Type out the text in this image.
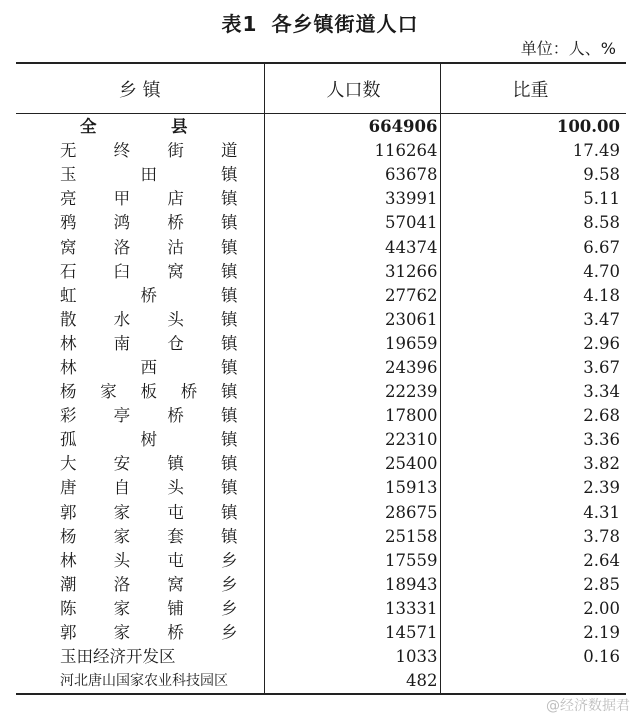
表1 各乡镇街道人口
单位：人、%
乡 镇	人口数	比重

全 县	664906	100.00

无 终 街 道	116264	17.49

玉 田 镇	63678	9.58

亮 甲 店 镇	33991	5.11

鸦 鸿 桥 镇	57041	8.58

窝 洛 沽 镇	44374	6.67

石 臼 窝 镇	31266	4.70

虹 桥 镇	27762	4.18

散 水 头 镇	23061	3.47

林 南 仓 镇	19659	2.96

林 西 镇	24396	3.67

杨 家 板 桥 镇	22239	3.34

彩 亭 桥 镇	17800	2.68

孤 树 镇	22310	3.36

大 安 镇 镇	25400	3.82

唐 自 头 镇	15913	2.39

郭 家 屯 镇	28675	4.31

杨 家 套 镇	25158	3.78

林 头 屯 乡	17559	2.64

潮 洛 窝 乡	18943	2.85

陈 家 铺 乡	13331	2.00

郭 家 桥 乡	14571	2.19

玉田经济开发区	1033	0.16

河北唐山国家农业科技园区	482	
@经济数据君
